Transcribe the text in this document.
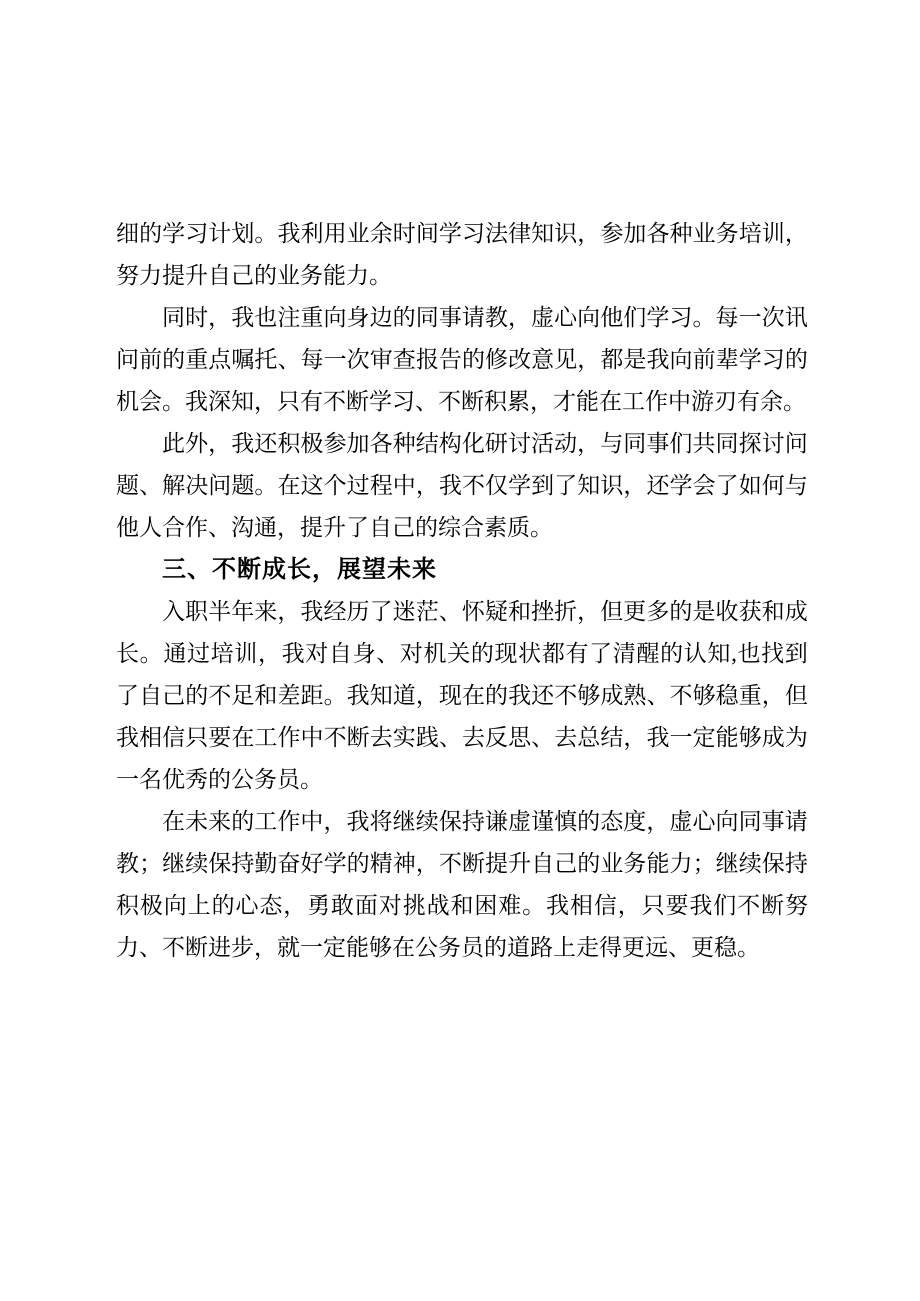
细 的 学 习 计 划 。 我 利 用 业 余 时 间 学 习 法 律 知 识 ， 参 加 各 种 业 务 培 训 ，
努力提升自己的业务能力。
同 时 ， 我 也 注 重 向 身 边 的 同 事 请 教 ， 虚 心 向 他 们 学 习 。 每 一 次 讯
问 前 的 重 点 嘱 托 、 每 一 次 审 查 报 告 的 修 改 意 见 ， 都 是 我 向 前 辈 学 习 的
机会。我深知，只有不断学习、不断积累，才能在工作中游刃有余。
此 外 ， 我 还 积 极 参 加 各 种 结 构 化 研 讨 活 动 ， 与 同 事 们 共 同 探 讨 问
题 、 解 决 问 题 。 在 这 个 过 程 中 ， 我 不 仅 学 到 了 知 识 ， 还 学 会 了 如 何 与
他人合作、沟通，提升了自己的综合素质。
三、不断成长，展望未来
入 职 半 年 来 ， 我 经 历 了 迷 茫 、 怀 疑 和 挫 折 ， 但 更 多 的 是 收 获 和 成
长 。 通 过 培 训 ， 我 对 自 身 、 对 机 关 的 现 状 都 有 了 清 醒 的 认 知 , 也 找 到
了 自 己 的 不 足 和 差 距 。 我 知 道 ， 现 在 的 我 还 不 够 成 熟 、 不 够 稳 重 ， 但
我 相 信 只 要 在 工 作 中 不 断 去 实 践 、 去 反 思 、 去 总 结 ， 我 一 定 能 够 成 为
一名优秀的公务员。
在 未 来 的 工 作 中 ， 我 将 继 续 保 持 谦 虚 谨 慎 的 态 度 ， 虚 心 向 同 事 请
教 ； 继 续 保 持 勤 奋 好 学 的 精 神 ， 不 断 提 升 自 己 的 业 务 能 力 ； 继 续 保 持
积 极 向 上 的 心 态 ， 勇 敢 面 对 挑 战 和 困 难 。 我 相 信 ， 只 要 我 们 不 断 努
力、不断进步，就一定能够在公务员的道路上走得更远、更稳。
